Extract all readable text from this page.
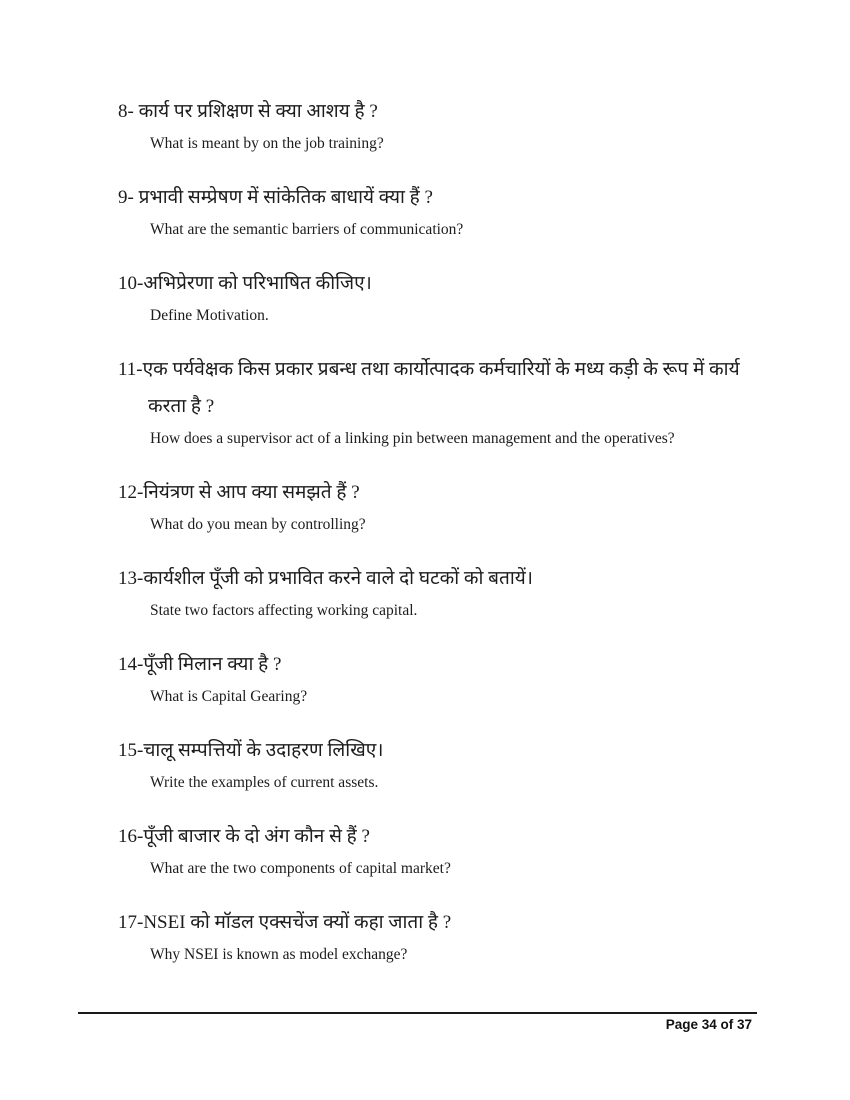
8- कार्य पर प्रशिक्षण से क्या आशय है ?

What is meant by on the job training?

9- प्रभावी सम्प्रेषण में सांकेतिक बाधायें क्या हैं ?

What are the semantic barriers of communication?

10-अभिप्रेरणा को परिभाषित कीजिए।

Define Motivation.

11-एक पर्यवेक्षक किस प्रकार प्रबन्ध तथा कार्योत्पादक कर्मचारियों के मध्य कड़ी के रूप में कार्य करता है ?

How does a supervisor act of a linking pin between management and the operatives?

12-नियंत्रण से आप क्या समझते हैं ?

What do you mean by controlling?

13-कार्यशील पूँजी को प्रभावित करने वाले दो घटकों को बतायें।

State two factors affecting working capital.

14-पूँजी मिलान क्या है ?

What is Capital Gearing?

15-चालू सम्पत्तियों के उदाहरण लिखिए।

Write the examples of current assets.

16-पूँजी बाजार के दो अंग कौन से हैं ?

What are the two components of capital market?

17-NSEI को मॉडल एक्सचेंज क्यों कहा जाता है ?

Why NSEI is known as model exchange?

Page 34 of 37
